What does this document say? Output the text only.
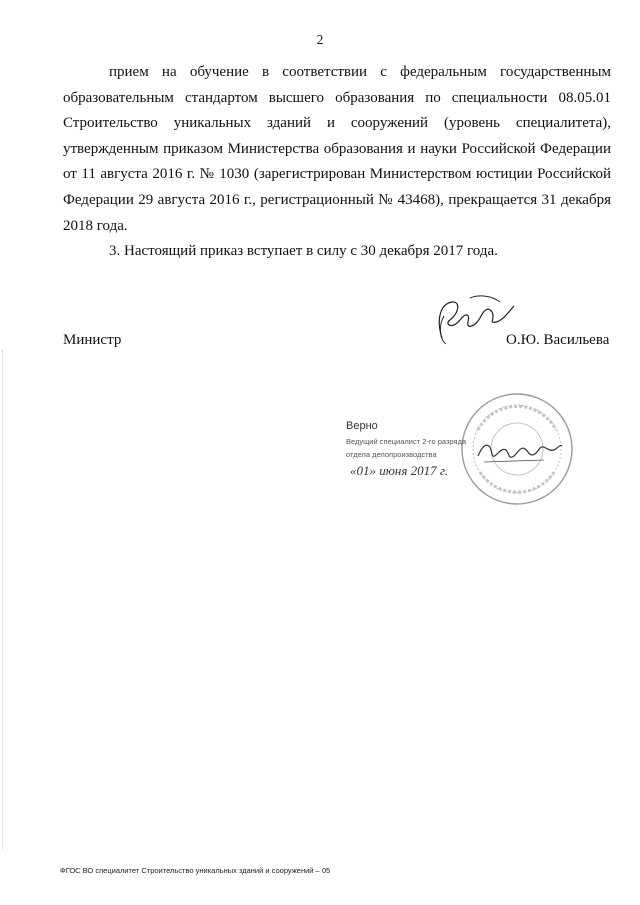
2

прием на обучение в соответствии с федеральным государственным образовательным стандартом высшего образования по специальности 08.05.01 Строительство уникальных зданий и сооружений (уровень специалитета), утвержденным приказом Министерства образования и науки Российской Федерации от 11 августа 2016 г. № 1030 (зарегистрирован Министерством юстиции Российской Федерации 29 августа 2016 г., регистрационный № 43468), прекращается 31 декабря 2018 года.

3. Настоящий приказ вступает в силу с 30 декабря 2017 года.

Министр	О.Ю. Васильева
Верно
Ведущий специалист 2-го разряда
отдела делопроизводства
«01» июня 2017 г.
ФГОС ВО специалитет Строительство уникальных зданий и сооружений – 05
